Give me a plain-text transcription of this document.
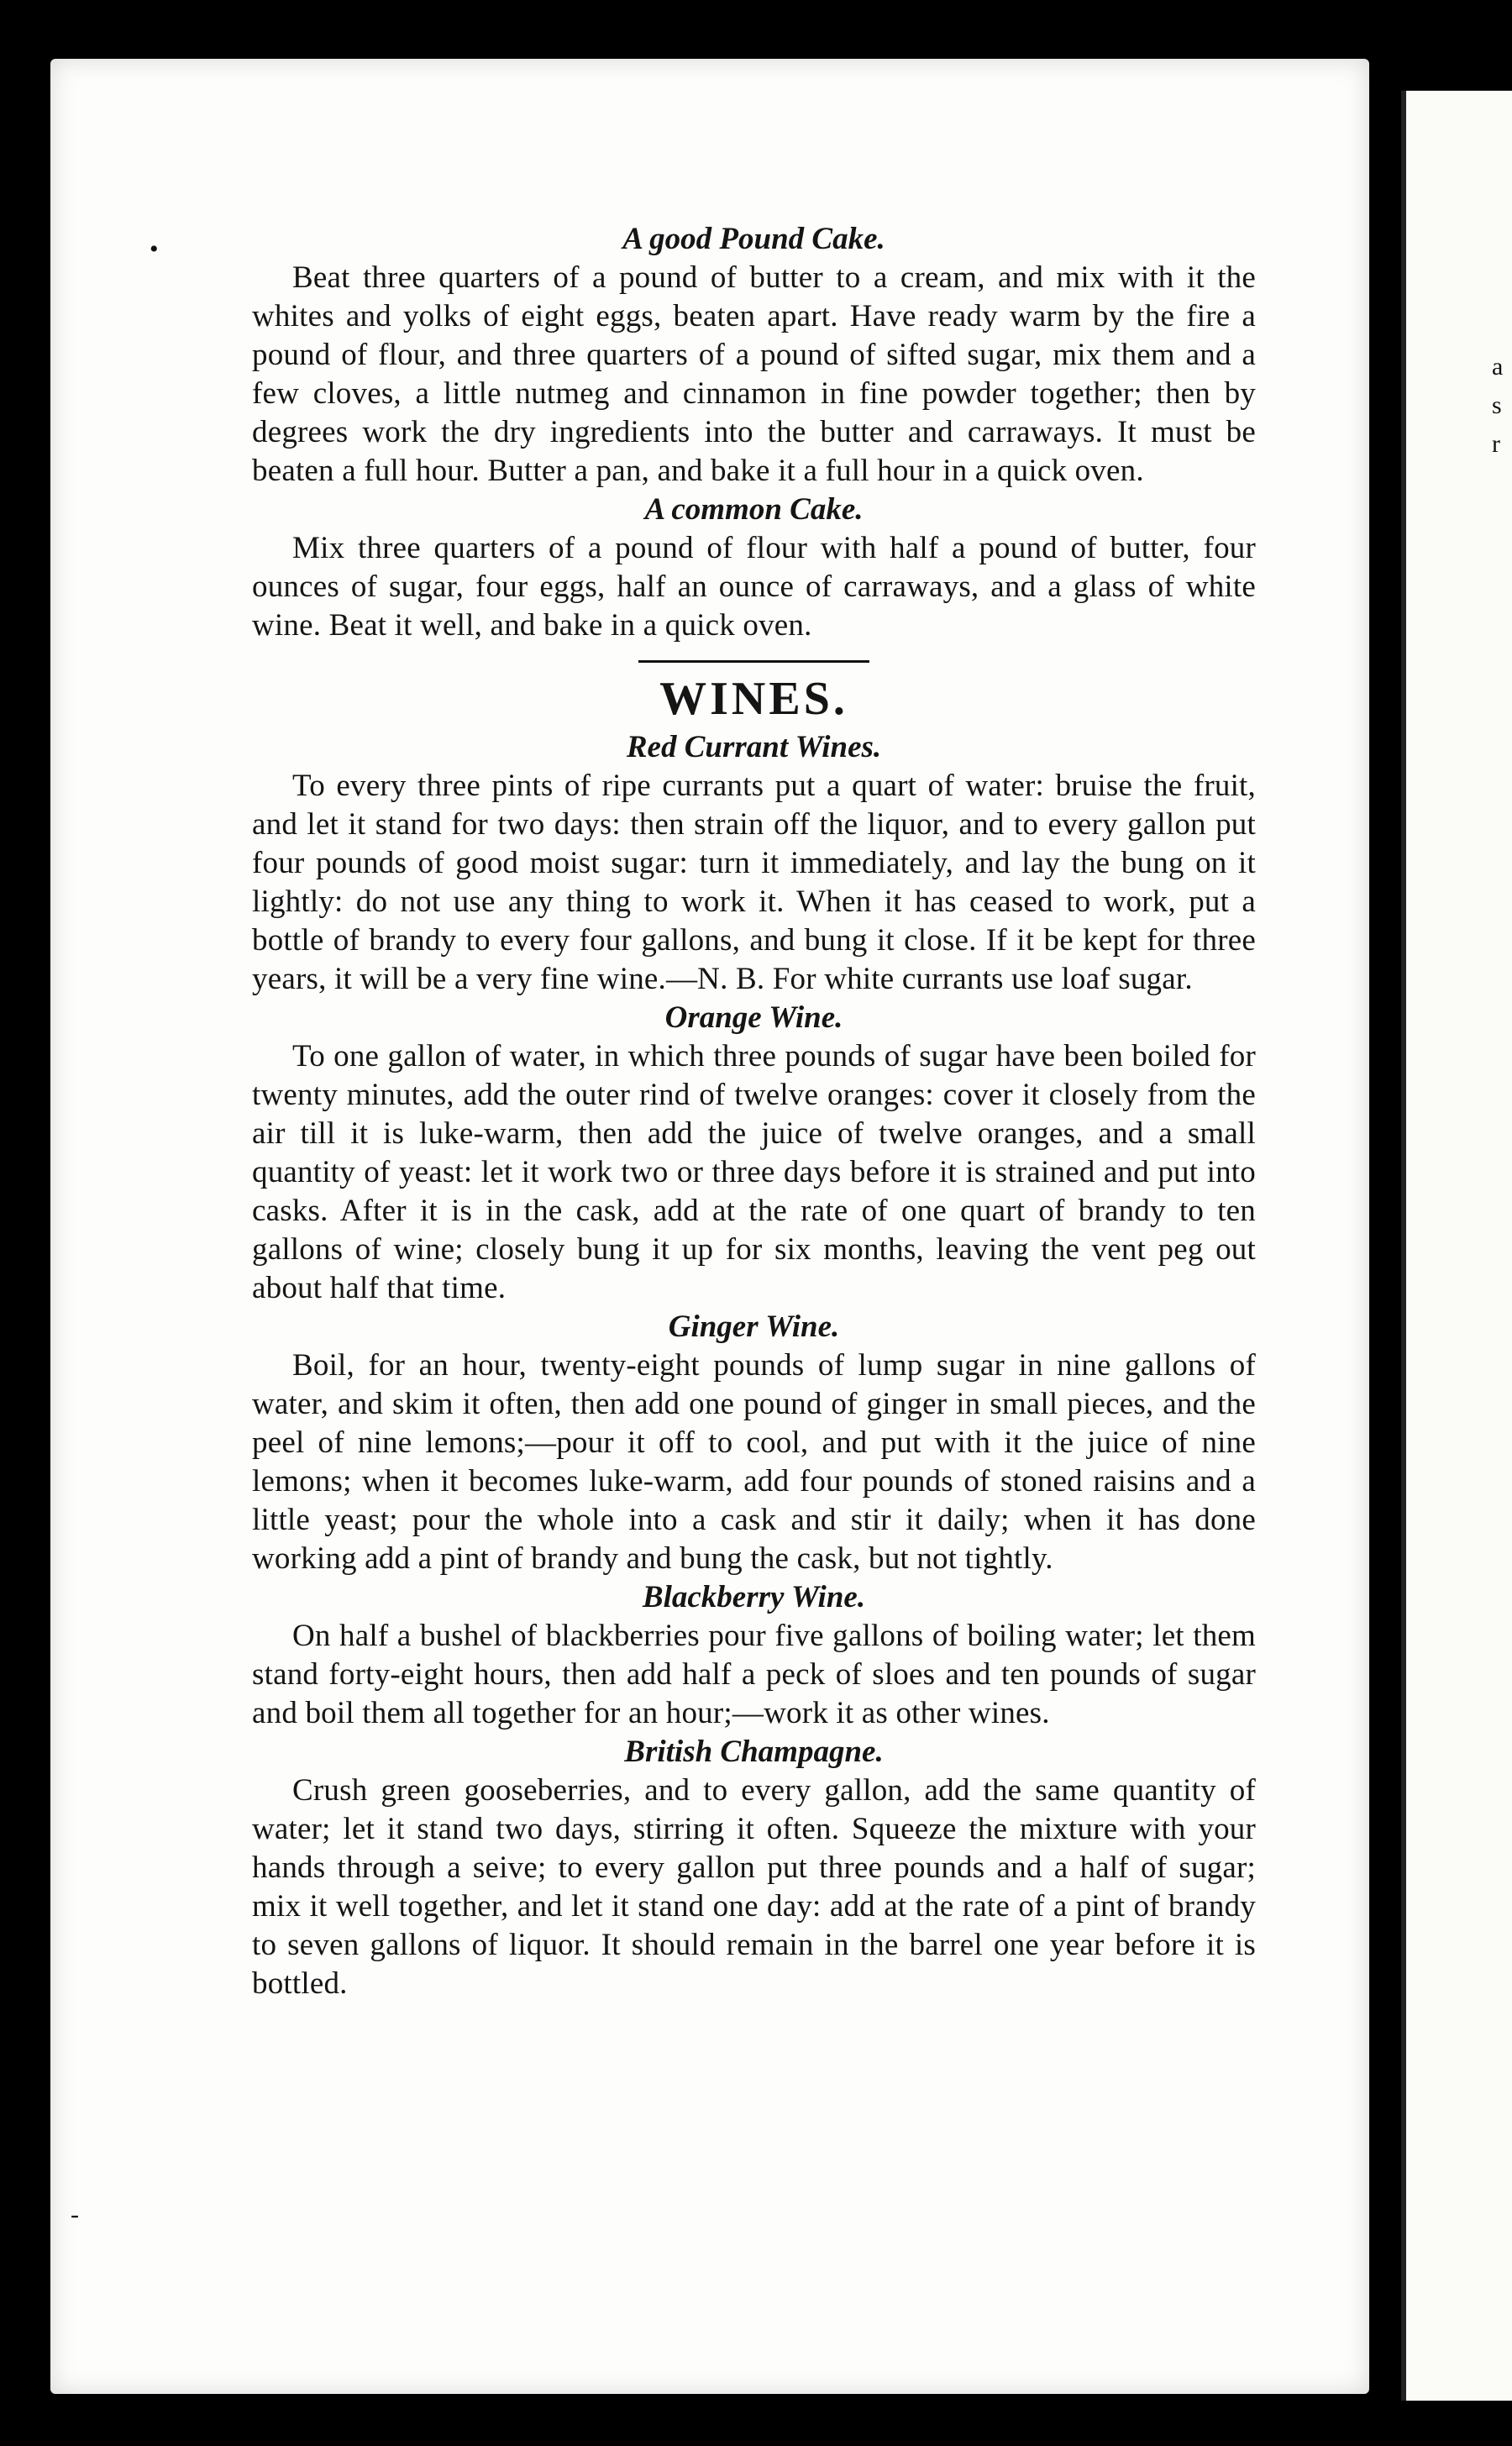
a
s
r
•
-
A good Pound Cake.

Beat three quarters of a pound of butter to a cream, and mix with it the whites and yolks of eight eggs, beaten apart. Have ready warm by the fire a pound of flour, and three quarters of a pound of sifted sugar, mix them and a few cloves, a little nutmeg and cinnamon in fine powder together; then by degrees work the dry ingredients into the butter and carraways. It must be beaten a full hour. Butter a pan, and bake it a full hour in a quick oven.

A common Cake.

Mix three quarters of a pound of flour with half a pound of butter, four ounces of sugar, four eggs, half an ounce of carraways, and a glass of white wine. Beat it well, and bake in a quick oven.

WINES.
Red Currant Wines.

To every three pints of ripe currants put a quart of water: bruise the fruit, and let it stand for two days: then strain off the liquor, and to every gallon put four pounds of good moist sugar: turn it immediately, and lay the bung on it lightly: do not use any thing to work it. When it has ceased to work, put a bottle of brandy to every four gallons, and bung it close. If it be kept for three years, it will be a very fine wine.—N. B. For white currants use loaf sugar.

Orange Wine.

To one gallon of water, in which three pounds of sugar have been boiled for twenty minutes, add the outer rind of twelve oranges: cover it closely from the air till it is luke-warm, then add the juice of twelve oranges, and a small quantity of yeast: let it work two or three days before it is strained and put into casks. After it is in the cask, add at the rate of one quart of brandy to ten gallons of wine; closely bung it up for six months, leaving the vent peg out about half that time.

Ginger Wine.

Boil, for an hour, twenty-eight pounds of lump sugar in nine gallons of water, and skim it often, then add one pound of ginger in small pieces, and the peel of nine lemons;—pour it off to cool, and put with it the juice of nine lemons; when it becomes luke-warm, add four pounds of stoned raisins and a little yeast; pour the whole into a cask and stir it daily; when it has done working add a pint of brandy and bung the cask, but not tightly.

Blackberry Wine.

On half a bushel of blackberries pour five gallons of boiling water; let them stand forty-eight hours, then add half a peck of sloes and ten pounds of sugar and boil them all together for an hour;—work it as other wines.

British Champagne.

Crush green gooseberries, and to every gallon, add the same quantity of water; let it stand two days, stirring it often. Squeeze the mixture with your hands through a seive; to every gallon put three pounds and a half of sugar; mix it well together, and let it stand one day: add at the rate of a pint of brandy to seven gallons of liquor. It should remain in the barrel one year before it is bottled.
